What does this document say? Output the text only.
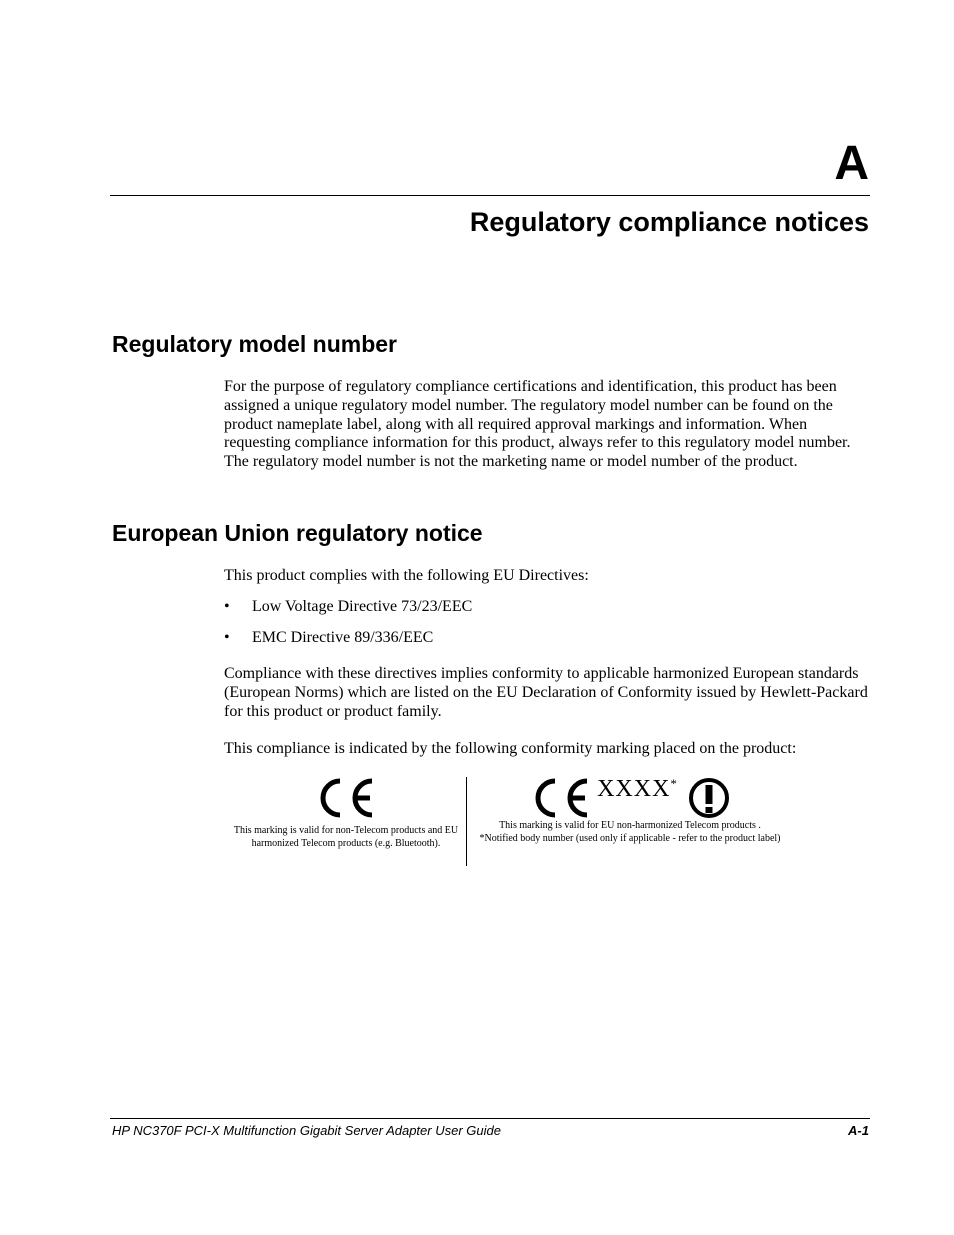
A
Regulatory compliance notices
Regulatory model number
For the purpose of regulatory compliance certifications and identification, this product has been assigned a unique regulatory model number. The regulatory model number can be found on the product nameplate label, along with all required approval markings and information. When requesting compliance information for this product, always refer to this regulatory model number. The regulatory model number is not the marketing name or model number of the product.
European Union regulatory notice
This product complies with the following EU Directives:
• Low Voltage Directive 73/23/EEC
• EMC Directive 89/336/EEC
Compliance with these directives implies conformity to applicable harmonized European standards (European Norms) which are listed on the EU Declaration of Conformity issued by Hewlett-Packard for this product or product family.
This compliance is indicated by the following conformity marking placed on the product:
This marking is valid for non-Telecom products and EU harmonized Telecom products (e.g. Bluetooth).
XXXX*
This marking is valid for EU non-harmonized Telecom products .
*Notified body number (used only if applicable - refer to the product label)
HP NC370F PCI-X Multifunction Gigabit Server Adapter User Guide	A-1
